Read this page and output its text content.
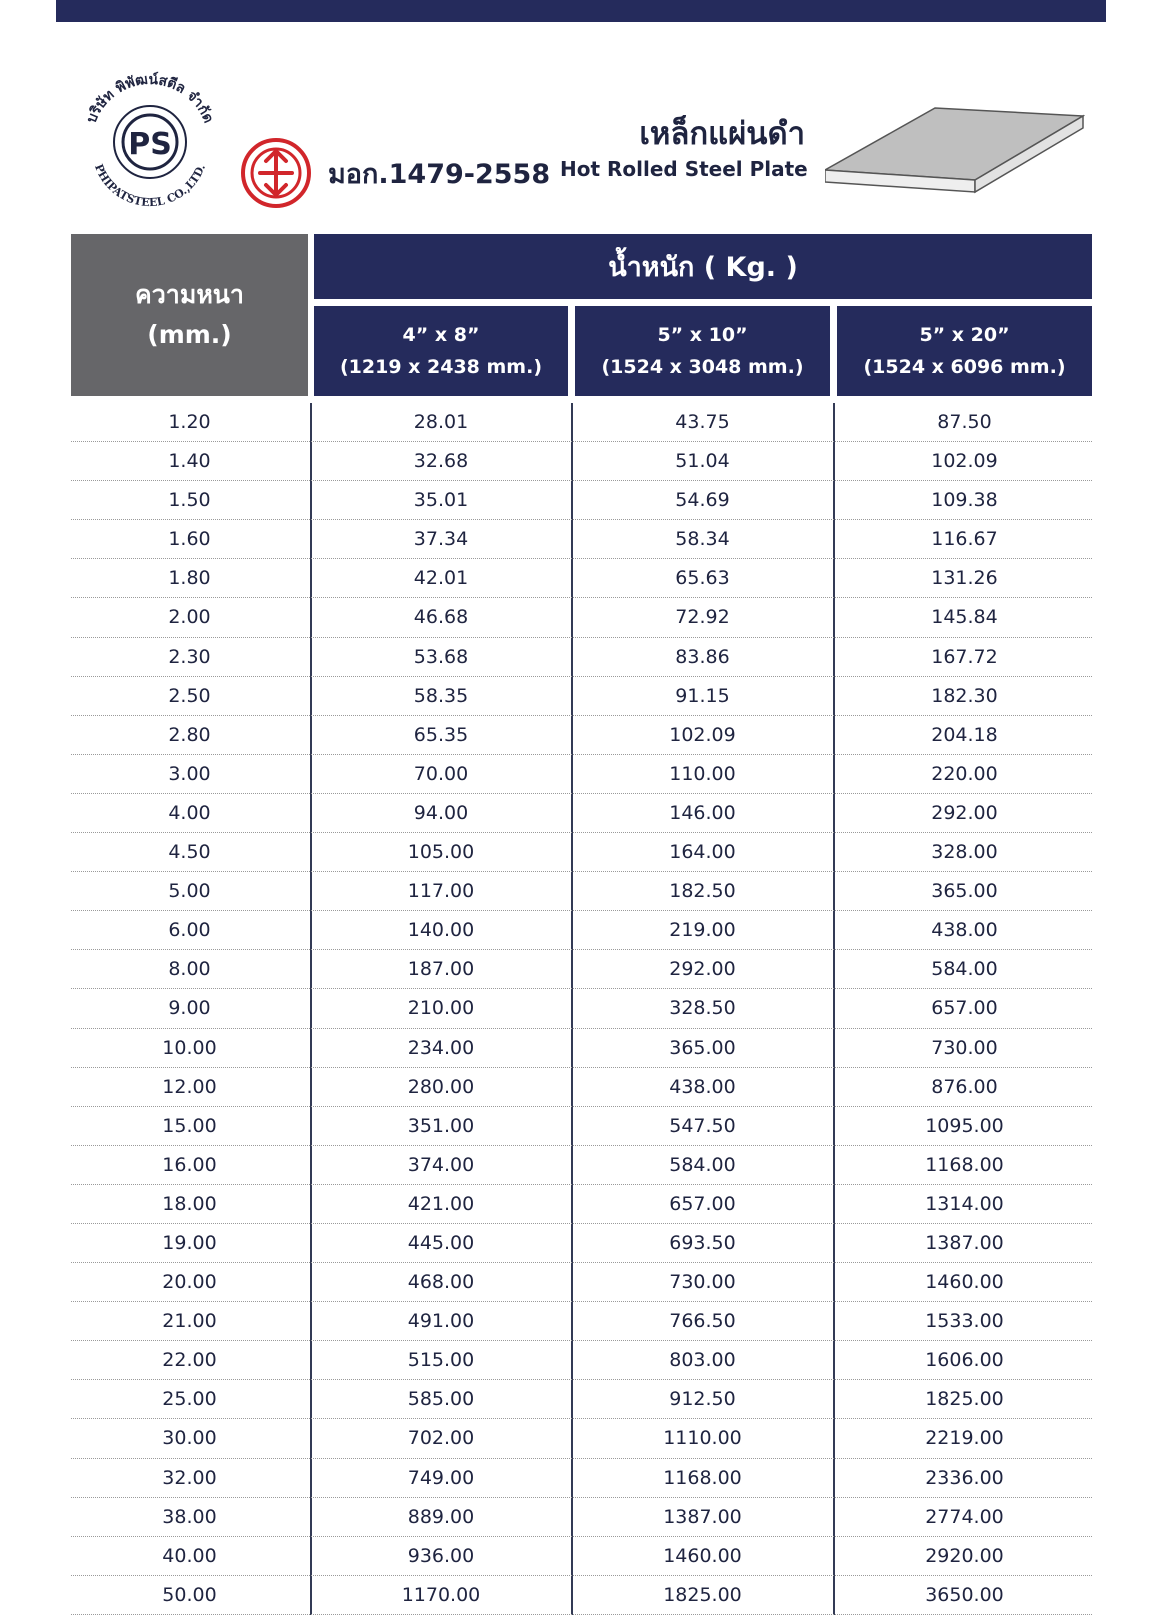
บริษัท พิพัฒน์สตีล จำกัด
PHIPATSTEEL CO.,LTD.
PS
มอก.1479-2558
เหล็กแผ่นดำ
Hot Rolled Steel Plate
ความหนา
(mm.)
น้ำหนัก ( Kg. )
4” x 8”
(1219 x 2438 mm.)
5” x 10”
(1524 x 3048 mm.)
5” x 20”
(1524 x 6096 mm.)
1.20	28.01	43.75	87.50
1.40	32.68	51.04	102.09
1.50	35.01	54.69	109.38
1.60	37.34	58.34	116.67
1.80	42.01	65.63	131.26
2.00	46.68	72.92	145.84
2.30	53.68	83.86	167.72
2.50	58.35	91.15	182.30
2.80	65.35	102.09	204.18
3.00	70.00	110.00	220.00
4.00	94.00	146.00	292.00
4.50	105.00	164.00	328.00
5.00	117.00	182.50	365.00
6.00	140.00	219.00	438.00
8.00	187.00	292.00	584.00
9.00	210.00	328.50	657.00
10.00	234.00	365.00	730.00
12.00	280.00	438.00	876.00
15.00	351.00	547.50	1095.00
16.00	374.00	584.00	1168.00
18.00	421.00	657.00	1314.00
19.00	445.00	693.50	1387.00
20.00	468.00	730.00	1460.00
21.00	491.00	766.50	1533.00
22.00	515.00	803.00	1606.00
25.00	585.00	912.50	1825.00
30.00	702.00	1110.00	2219.00
32.00	749.00	1168.00	2336.00
38.00	889.00	1387.00	2774.00
40.00	936.00	1460.00	2920.00
50.00	1170.00	1825.00	3650.00
